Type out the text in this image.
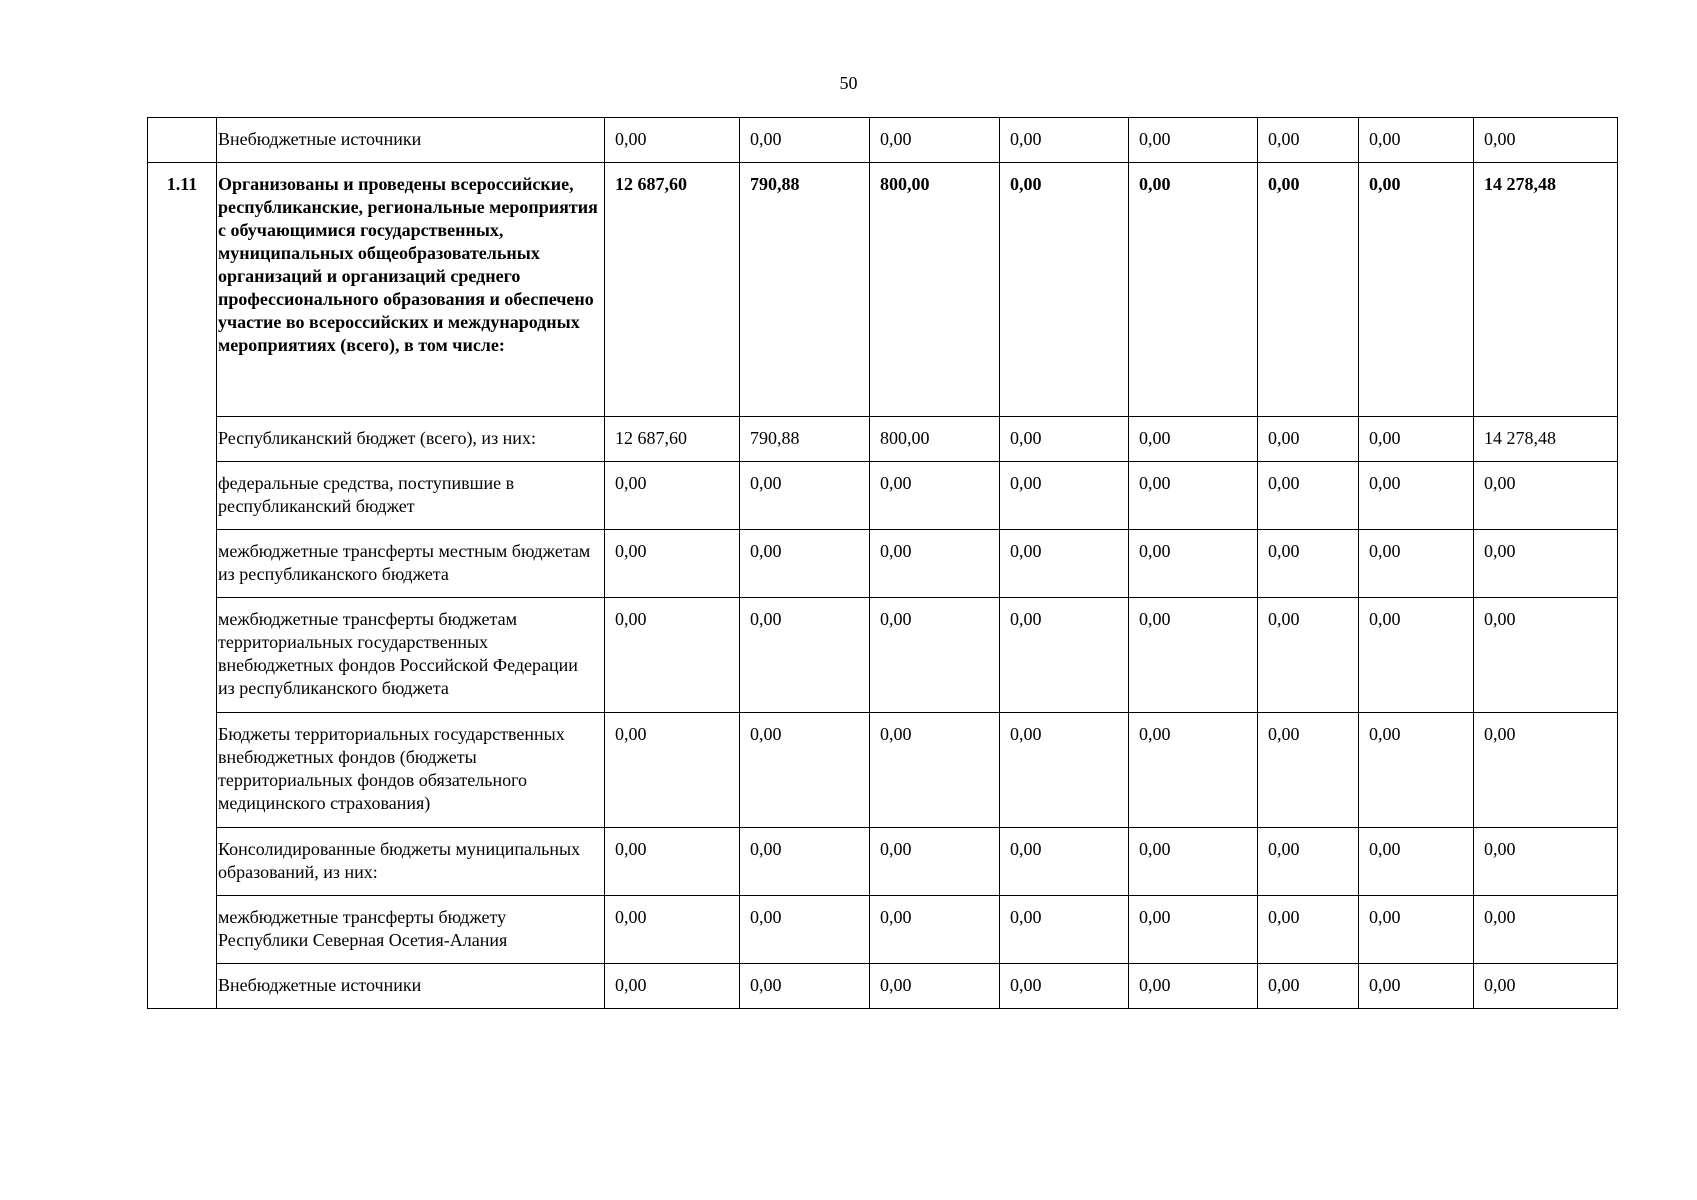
50
	Внебюджетные источники	0,00	0,00	0,00	0,00	0,00	0,00	0,00	0,00
1.11	Организованы и проведены всероссийские, республиканские, региональные мероприятия с обучающимися государственных, муниципальных общеобразовательных организаций и организаций среднего профессионального образования и обеспечено участие во всероссийских и международных мероприятиях (всего), в том числе:	12 687,60	790,88	800,00	0,00	0,00	0,00	0,00	14 278,48
	Республиканский бюджет (всего), из них:	12 687,60	790,88	800,00	0,00	0,00	0,00	0,00	14 278,48
	федеральные средства, поступившие в республиканский бюджет	0,00	0,00	0,00	0,00	0,00	0,00	0,00	0,00
	межбюджетные трансферты местным бюджетам из республиканского бюджета	0,00	0,00	0,00	0,00	0,00	0,00	0,00	0,00
	межбюджетные трансферты бюджетам территориальных государственных внебюджетных фондов Российской Федерации из республиканского бюджета	0,00	0,00	0,00	0,00	0,00	0,00	0,00	0,00
	Бюджеты территориальных государственных внебюджетных фондов (бюджеты территориальных фондов обязательного медицинского страхования)	0,00	0,00	0,00	0,00	0,00	0,00	0,00	0,00
	Консолидированные бюджеты муниципальных образований, из них:	0,00	0,00	0,00	0,00	0,00	0,00	0,00	0,00
	межбюджетные трансферты бюджету Республики Северная Осетия-Алания	0,00	0,00	0,00	0,00	0,00	0,00	0,00	0,00
	Внебюджетные источники	0,00	0,00	0,00	0,00	0,00	0,00	0,00	0,00
